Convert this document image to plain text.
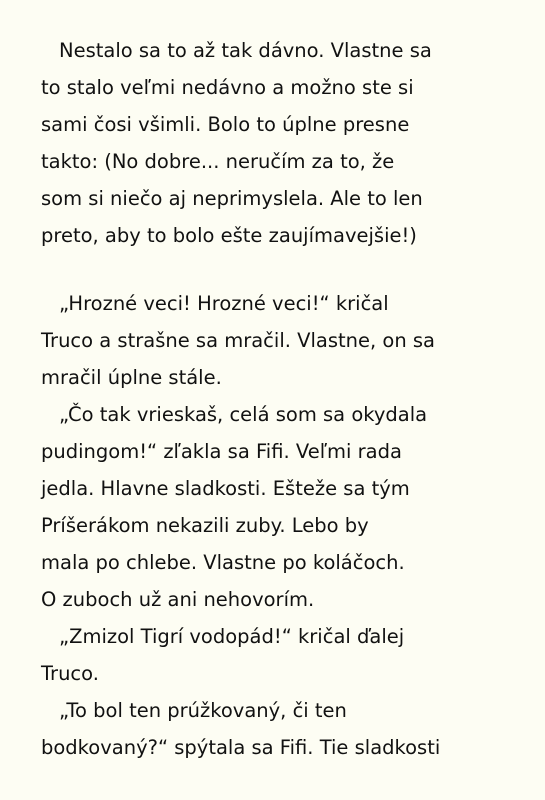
Nestalo sa to až tak dávno. Vlastne sa
to stalo veľmi nedávno a možno ste si
sami čosi všimli. Bolo to úplne presne
takto: (No dobre... neručím za to, že
som si niečo aj neprimyslela. Ale to len
preto, aby to bolo ešte zaujímavejšie!)
„Hrozné veci! Hrozné veci!“ kričal
Truco a strašne sa mračil. Vlastne, on sa
mračil úplne stále.
„Čo tak vrieskaš, celá som sa okydala
pudingom!“ zľakla sa Fifi. Veľmi rada
jedla. Hlavne sladkosti. Ešteže sa tým
Príšerákom nekazili zuby. Lebo by
mala po chlebe. Vlastne po koláčoch.
O zuboch už ani nehovorím.
„Zmizol Tigrí vodopád!“ kričal ďalej
Truco.
„To bol ten prúžkovaný, či ten
bodkovaný?“ spýtala sa Fifi. Tie sladkosti
